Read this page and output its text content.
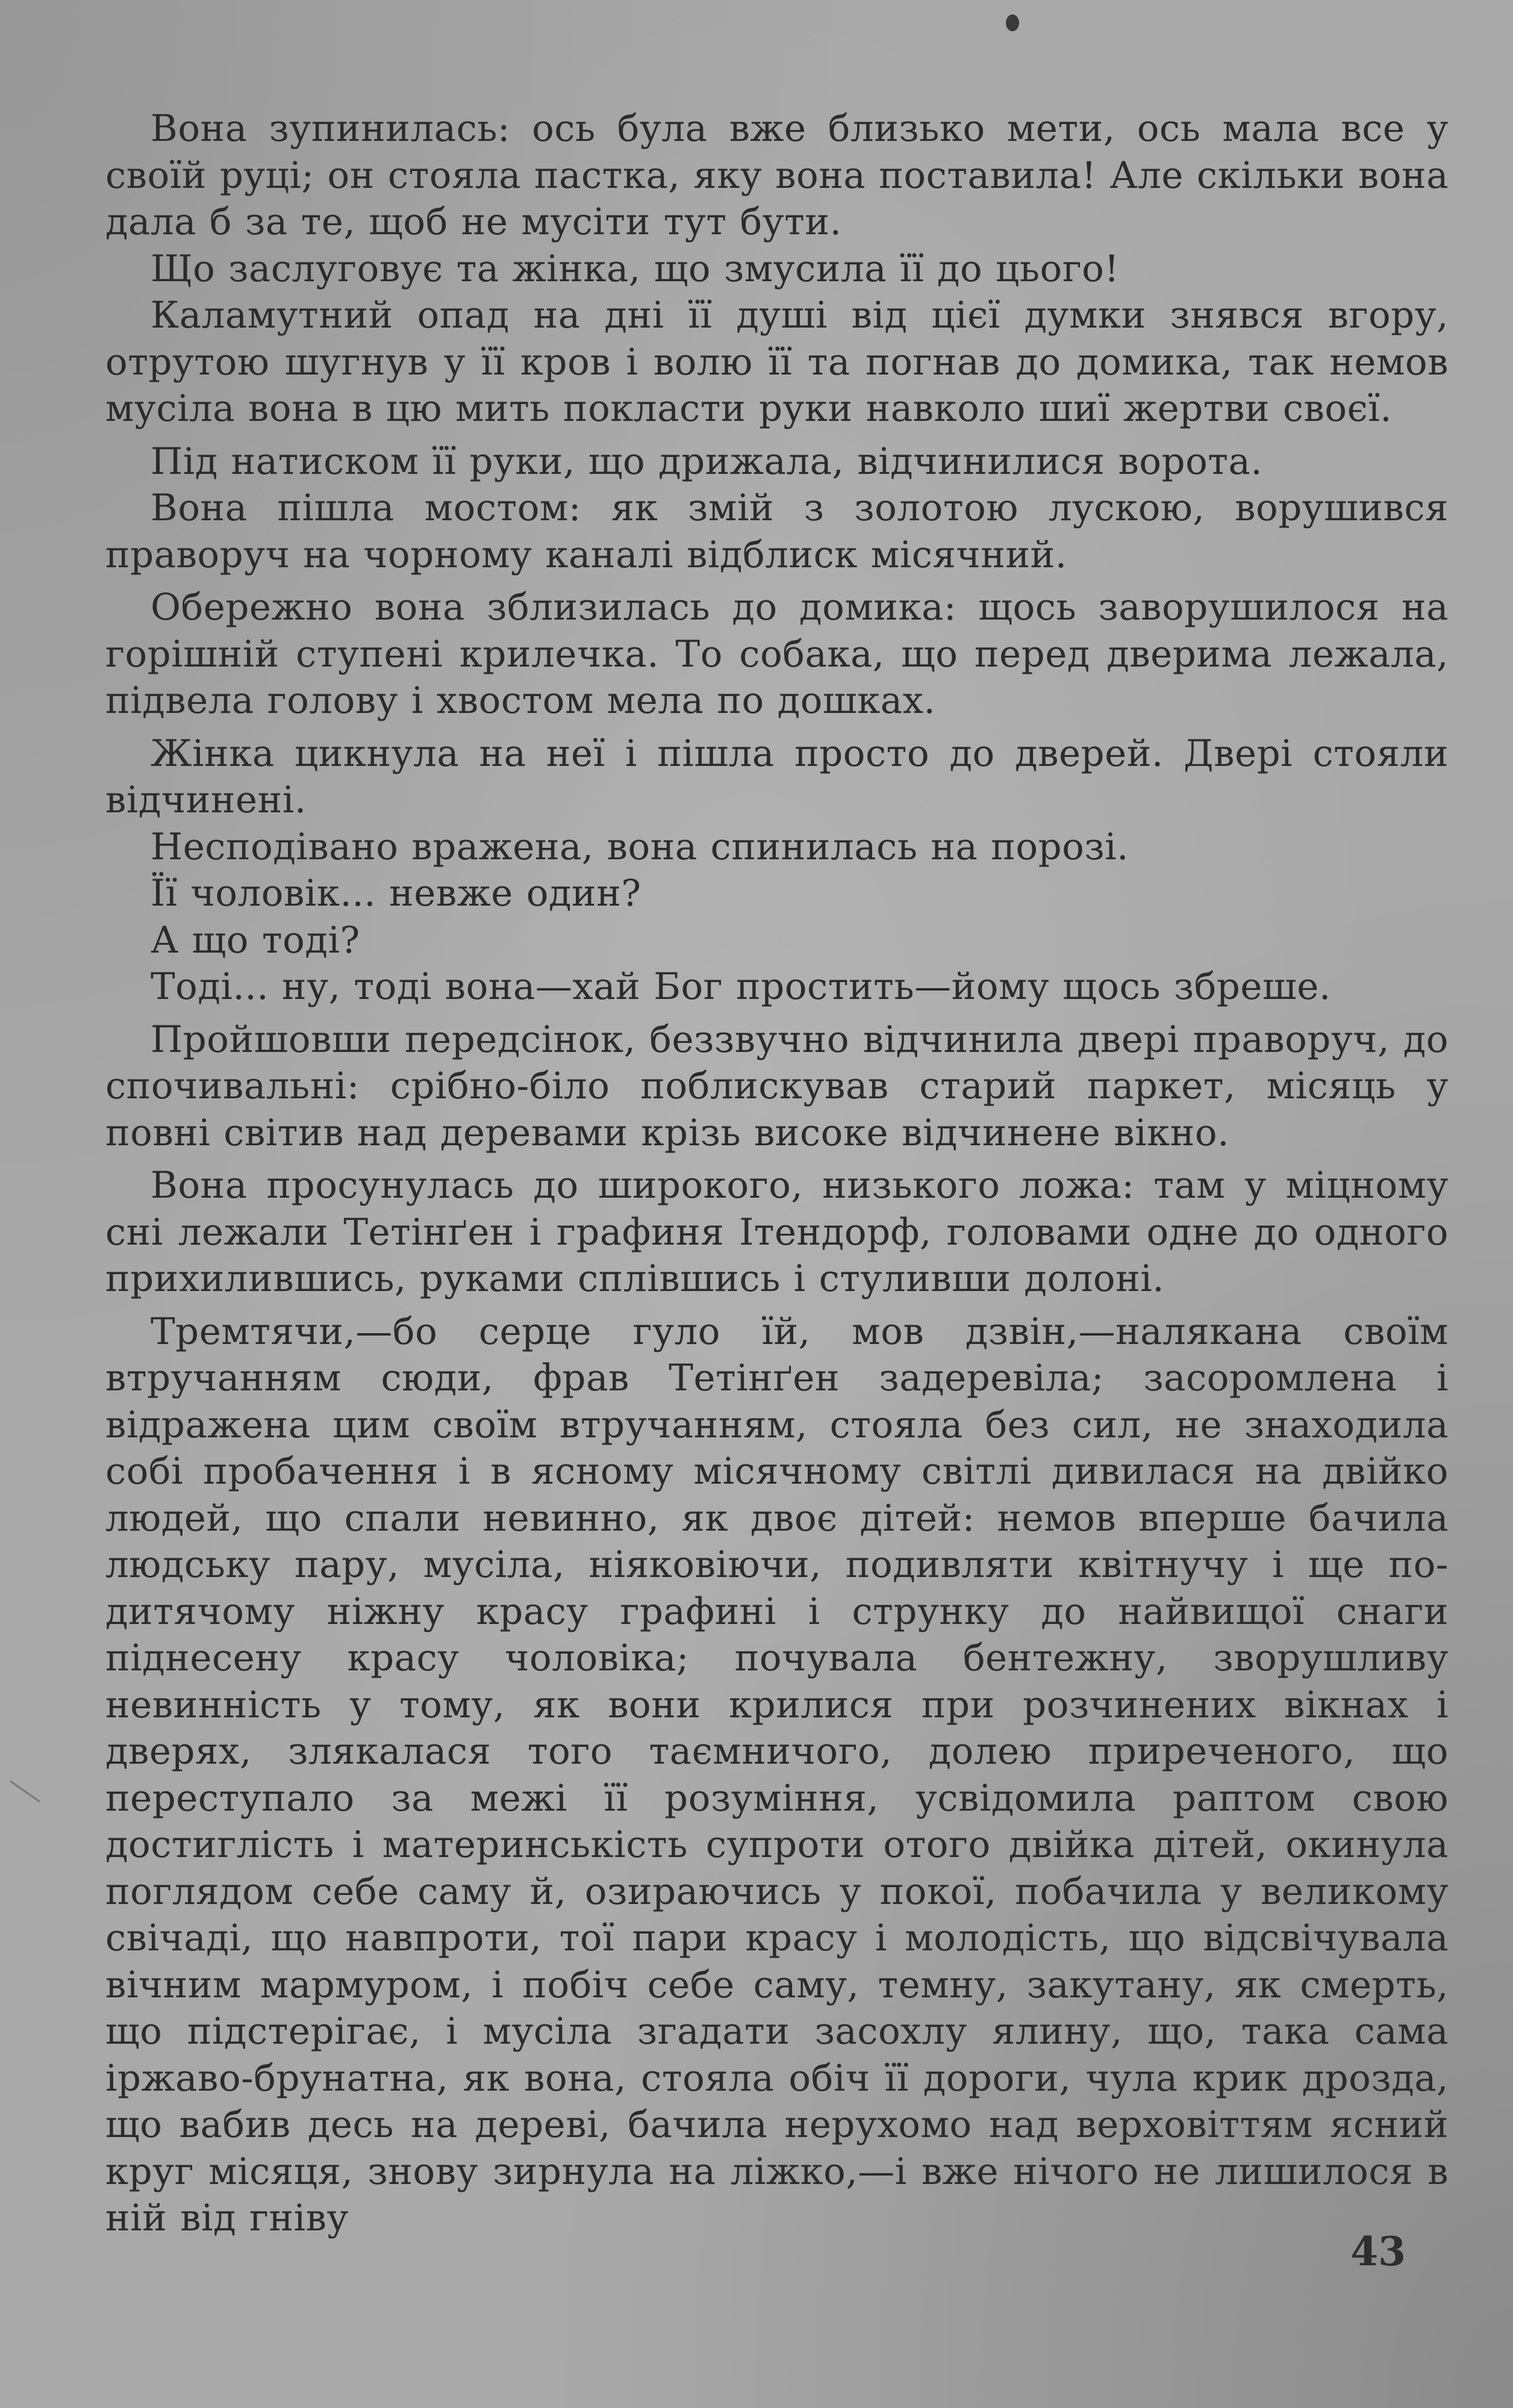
Вона зупинилась: ось була вже близько мети, ось мала все у своїй руці; он стояла пастка, яку вона поставила! Але скільки вона дала б за те, щоб не мусіти тут бути.

Що заслуговує та жінка, що змусила її до цього!

Каламутний опад на дні її душі від цієї думки знявся вгору, отрутою шугнув у її кров і волю її та погнав до домика, так немов мусіла вона в цю мить покласти руки навколо шиї жертви своєї.

Під натиском її руки, що дрижала, відчинилися ворота.

Вона пішла мостом: як змій з золотою лускою, ворушився праворуч на чорному каналі відблиск місячний.

Обережно вона зблизилась до домика: щось заворушилося на горішній ступені крилечка. То собака, що перед дверима лежала, підвела голову і хвостом мела по дошках.

Жінка цикнула на неї і пішла просто до дверей. Двері стояли відчинені.

Несподівано вражена, вона спинилась на порозі.

Її чоловік... невже один?

А що тоді?

Тоді... ну, тоді вона—хай Бог простить—йому щось збреше.

Пройшовши передсінок, беззвучно відчинила двері праворуч, до спочивальні: срібно-біло поблискував старий паркет, місяць у повні світив над деревами крізь високе відчинене вікно.

Вона просунулась до широкого, низького ложа: там у міцному сні лежали Тетінґен і графиня Ітендорф, головами одне до одного прихилившись, руками сплівшись і стуливши долоні.

Тремтячи,—бо серце гуло їй, мов дзвін,—налякана своїм втручанням сюди, фрав Тетінґен задеревіла; засоромлена і відражена цим своїм втручанням, стояла без сил, не знаходила собі пробачення і в ясному місячному світлі дивилася на двійко людей, що спали невинно, як двоє дітей: немов вперше бачила людську пару, мусіла, ніяковіючи, подивляти квітнучу і ще по-дитячому ніжну красу графині і струнку до найвищої снаги піднесену красу чоловіка; почувала бентежну, зворушливу невинність у тому, як вони крилися при розчинених вікнах і дверях, злякалася того таємничого, долею приреченого, що переступало за межі її розуміння, усвідомила раптом свою достиглість і материнськість супроти отого двійка дітей, окинула поглядом себе саму й, озираючись у покої, побачила у великому свічаді, що навпроти, тої пари красу і молодість, що відсвічувала вічним мармуром, і побіч себе саму, темну, закутану, як смерть, що підстерігає, і мусіла згадати засохлу ялину, що, така сама іржаво-брунатна, як вона, стояла обіч її дороги, чула крик дрозда, що вабив десь на дереві, бачила нерухомо над верховіттям ясний круг місяця, знову зирнула на ліжко,—і вже нічого не лишилося в ній від гніву

43
